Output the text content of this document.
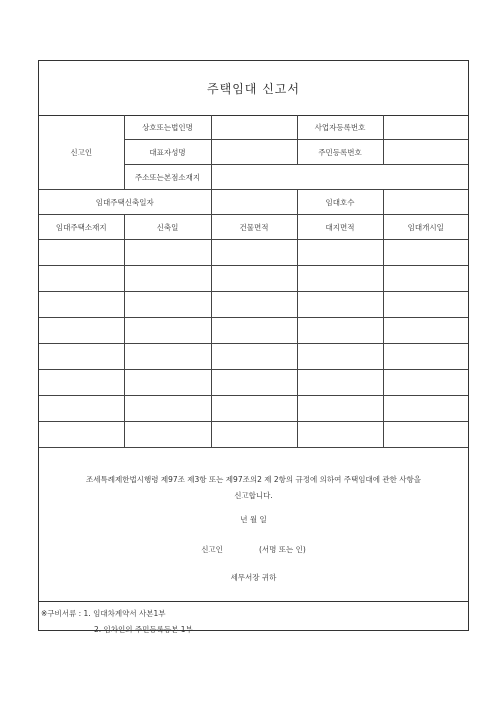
주택임대 신고서
신고인	상호또는법인명		사업자등록번호	
	대표자성명		주민등록번호	
	주소또는본점소재지			
임대주택신축일자			임대호수	
임대주택소재지	신축일	건물면적	대지면적	임대개시일

조세특례제한법시행령 제97조 제3항 또는 제97조의2 제 2항의 규정에 의하여 주택임대에 관한 사항을

신고합니다.

년 월 일

신고인	(서명 또는 인)

세무서장 귀하

※구비서류 : 1. 임대차계약서 사본1부
2. 임차인의 주민등록등본 1부
